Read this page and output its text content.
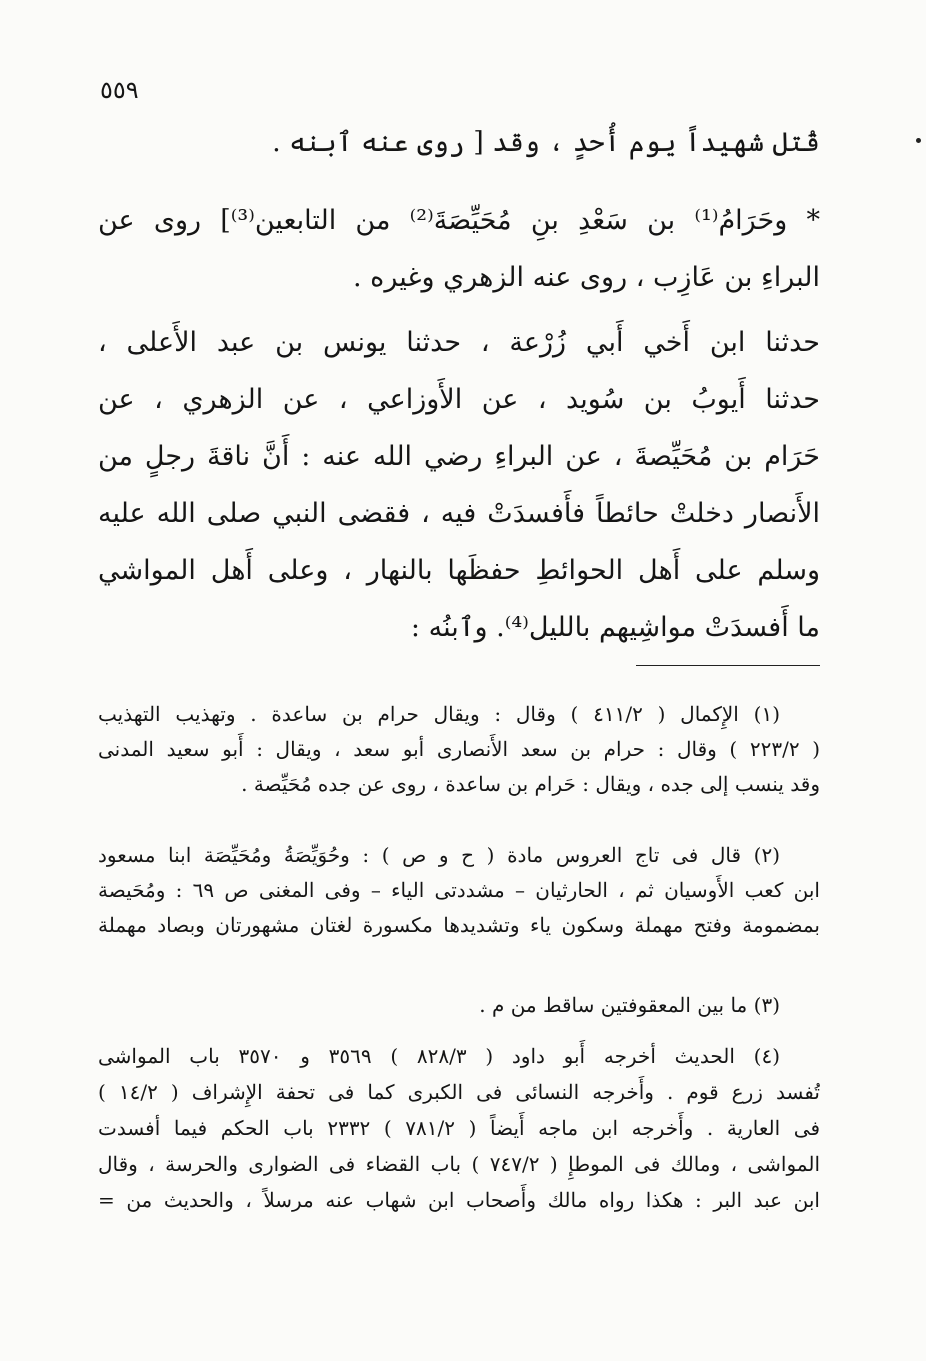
٥٥٩
قُتل شهيداً يوم أُحدٍ ، وقد [ روى عنه ٱبنه .
* وحَرَامُ⁽¹⁾ بن سَعْدِ بنِ مُحَيِّصَةَ⁽²⁾ من التابعين⁽³⁾] روى عن
البراءِ بن عَازِب ، روى عنه الزهري وغيره .
حدثنا ابن أَخي أَبي زُرْعة ، حدثنا يونس بن عبد الأَعلى ،
حدثنا أَيوبُ بن سُويد ، عن الأَوزاعي ، عن الزهري ، عن
حَرَام بن مُحَيِّصةَ ، عن البراءِ رضي الله عنه : أَنَّ ناقةَ رجلٍ من
الأَنصار دخلتْ حائطاً فأَفسدَتْ فيه ، فقضى النبي صلى الله عليه
وسلم على أَهل الحوائطِ حفظَها بالنهار ، وعلى أَهل المواشي
ما أَفسدَتْ مواشِيهم بالليل⁽⁴⁾. وٱبنُه :
(١) الإِكمال ( ٤١١/٢ ) وقال : ويقال حرام بن ساعدة . وتهذيب التهذيب
( ٢٢٣/٢ ) وقال : حرام بن سعد الأَنصارى أبو سعد ، ويقال : أَبو سعيد المدنى
وقد ينسب إلى جده ، ويقال : حَرام بن ساعدة ، روى عن جده مُحَيِّصة .
(٢) قال فى تاج العروس مادة ( ح و ص ) : وحُوَيِّصَةُ ومُحَيِّصَة ابنا مسعود
ابن كعب الأَوسيان ثم ، الحارثيان – مشددتى الياء – وفى المغنى ص ٦٩ : ومُحَيصة
بمضمومة وفتح مهملة وسكون ياء وتشديدها مكسورة لغتان مشهورتان وبصاد مهملة
(٣) ما بين المعقوفتين ساقط من م .
(٤) الحديث أخرجه أَبو داود ( ٨٢٨/٣ ) ٣٥٦٩ و ٣٥٧٠ باب المواشى
تُفسد زرع قوم . وأَخرجه النسائى فى الكبرى كما فى تحفة الإِشراف ( ١٤/٢ )
فى العارية . وأَخرجه ابن ماجه أَيضاً ( ٧٨١/٢ ) ٢٣٣٢ باب الحكم فيما أفسدت
المواشى ، ومالك فى الموطإِ ( ٧٤٧/٢ ) باب القضاء فى الضوارى والحرسة ، وقال
ابن عبد البر : هكذا رواه مالك وأَصحاب ابن شهاب عنه مرسلاً ، والحديث من =
